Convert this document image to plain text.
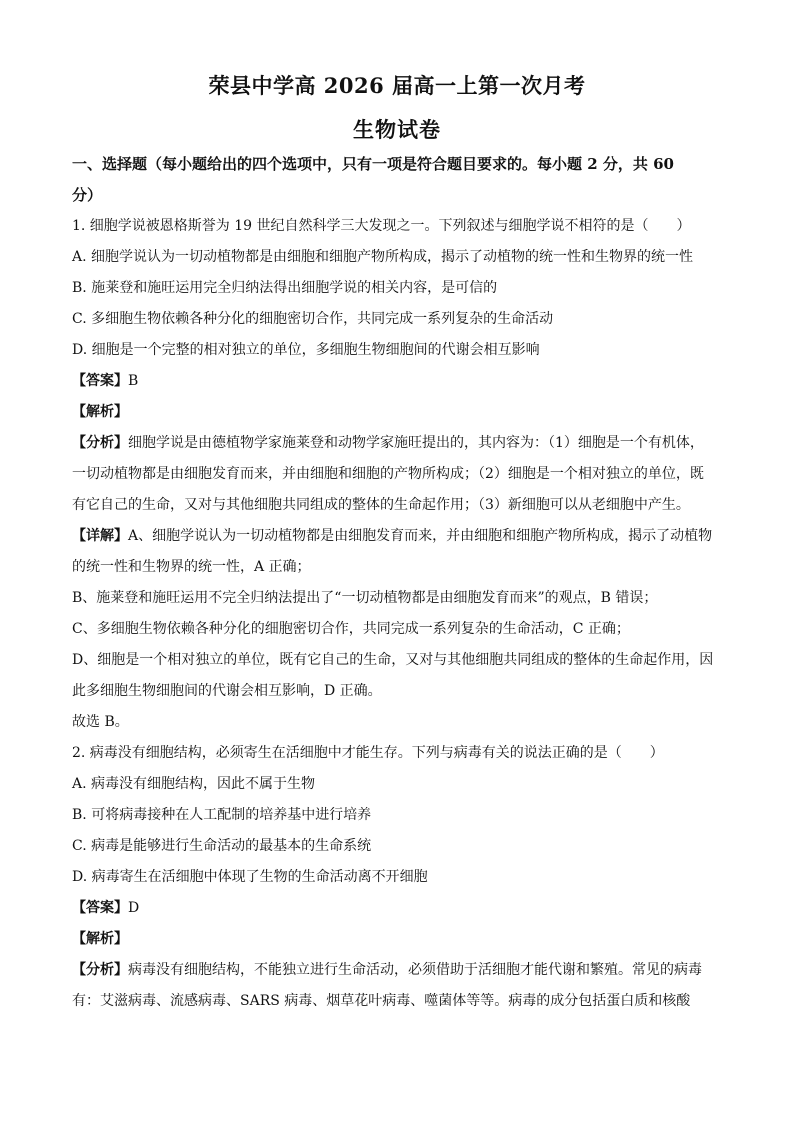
荣县中学高 2026 届高一上第一次月考
生物试卷
一、选择题（每小题给出的四个选项中，只有一项是符合题目要求的。每小题 2 分，共 60
分）
1. 细胞学说被恩格斯誉为 19 世纪自然科学三大发现之一。下列叙述与细胞学说不相符的是（　　）
A. 细胞学说认为一切动植物都是由细胞和细胞产物所构成，揭示了动植物的统一性和生物界的统一性
B. 施莱登和施旺运用完全归纳法得出细胞学说的相关内容，是可信的
C. 多细胞生物依赖各种分化的细胞密切合作，共同完成一系列复杂的生命活动
D. 细胞是一个完整的相对独立的单位，多细胞生物细胞间的代谢会相互影响
【答案】B
【解析】
【分析】细胞学说是由德植物学家施莱登和动物学家施旺提出的，其内容为：（1）细胞是一个有机体，
一切动植物都是由细胞发育而来，并由细胞和细胞的产物所构成；（2）细胞是一个相对独立的单位，既
有它自己的生命，又对与其他细胞共同组成的整体的生命起作用；（3）新细胞可以从老细胞中产生。
【详解】A、细胞学说认为一切动植物都是由细胞发育而来，并由细胞和细胞产物所构成，揭示了动植物
的统一性和生物界的统一性，A 正确；
B、施莱登和施旺运用不完全归纳法提出了“一切动植物都是由细胞发育而来”的观点，B 错误；
C、多细胞生物依赖各种分化的细胞密切合作，共同完成一系列复杂的生命活动，C 正确；
D、细胞是一个相对独立的单位，既有它自己的生命，又对与其他细胞共同组成的整体的生命起作用，因
此多细胞生物细胞间的代谢会相互影响，D 正确。
故选 B。
2. 病毒没有细胞结构，必须寄生在活细胞中才能生存。下列与病毒有关的说法正确的是（　　）
A. 病毒没有细胞结构，因此不属于生物
B. 可将病毒接种在人工配制的培养基中进行培养
C. 病毒是能够进行生命活动的最基本的生命系统
D. 病毒寄生在活细胞中体现了生物的生命活动离不开细胞
【答案】D
【解析】
【分析】病毒没有细胞结构，不能独立进行生命活动，必须借助于活细胞才能代谢和繁殖。常见的病毒
有：艾滋病毒、流感病毒、SARS 病毒、烟草花叶病毒、噬菌体等等。病毒的成分包括蛋白质和核酸
